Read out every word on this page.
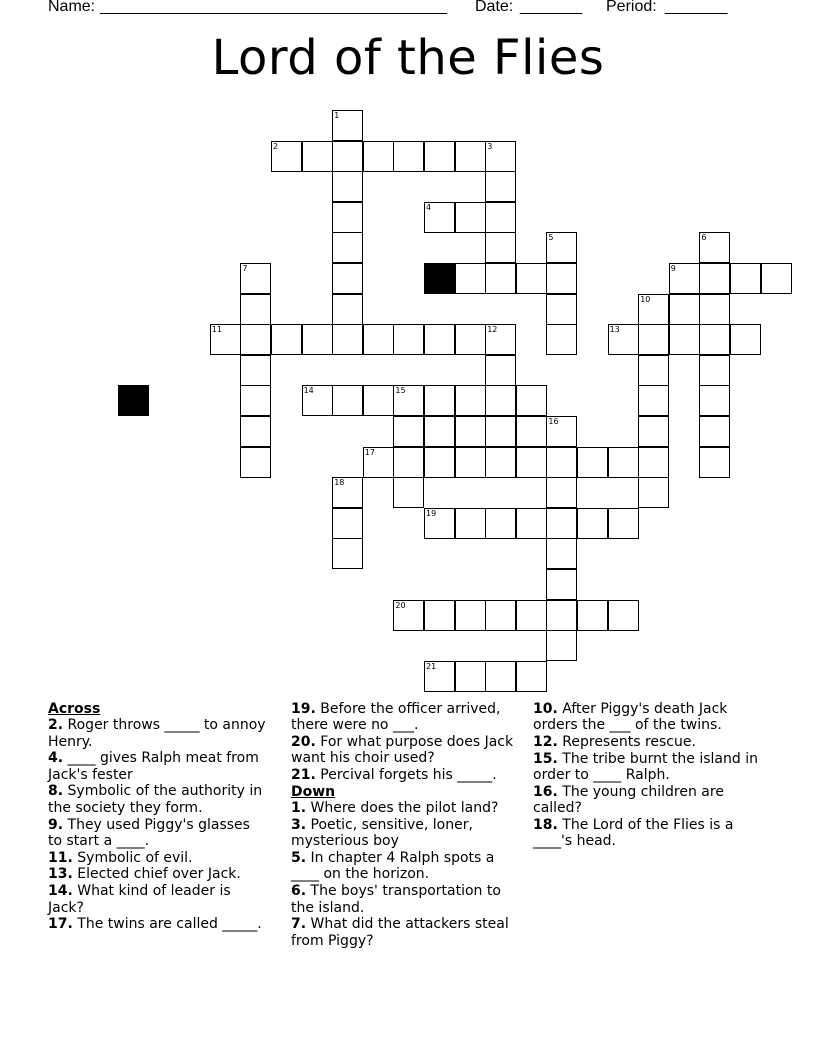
Name: _______________________________________ Date: _______ Period: _______
Lord of the Flies
1
2	3
4
5	6
7	8	9
10
11	12	13
14	15
16
17
18
19
20
21
Across
2. Roger throws _____ to annoy Henry.
4. ____ gives Ralph meat from Jack's fester
8. Symbolic of the authority in the society they form.
9. They used Piggy's glasses to start a ____.
11. Symbolic of evil.
13. Elected chief over Jack.
14. What kind of leader is Jack?
17. The twins are called _____.
19. Before the officer arrived, there were no ___.
20. For what purpose does Jack want his choir used?
21. Percival forgets his _____.
Down
1. Where does the pilot land?
3. Poetic, sensitive, loner, mysterious boy
5. In chapter 4 Ralph spots a ____ on the horizon.
6. The boys' transportation to the island.
7. What did the attackers steal from Piggy?
10. After Piggy's death Jack orders the ___ of the twins.
12. Represents rescue.
15. The tribe burnt the island in order to ____ Ralph.
16. The young children are called?
18. The Lord of the Flies is a ____'s head.
